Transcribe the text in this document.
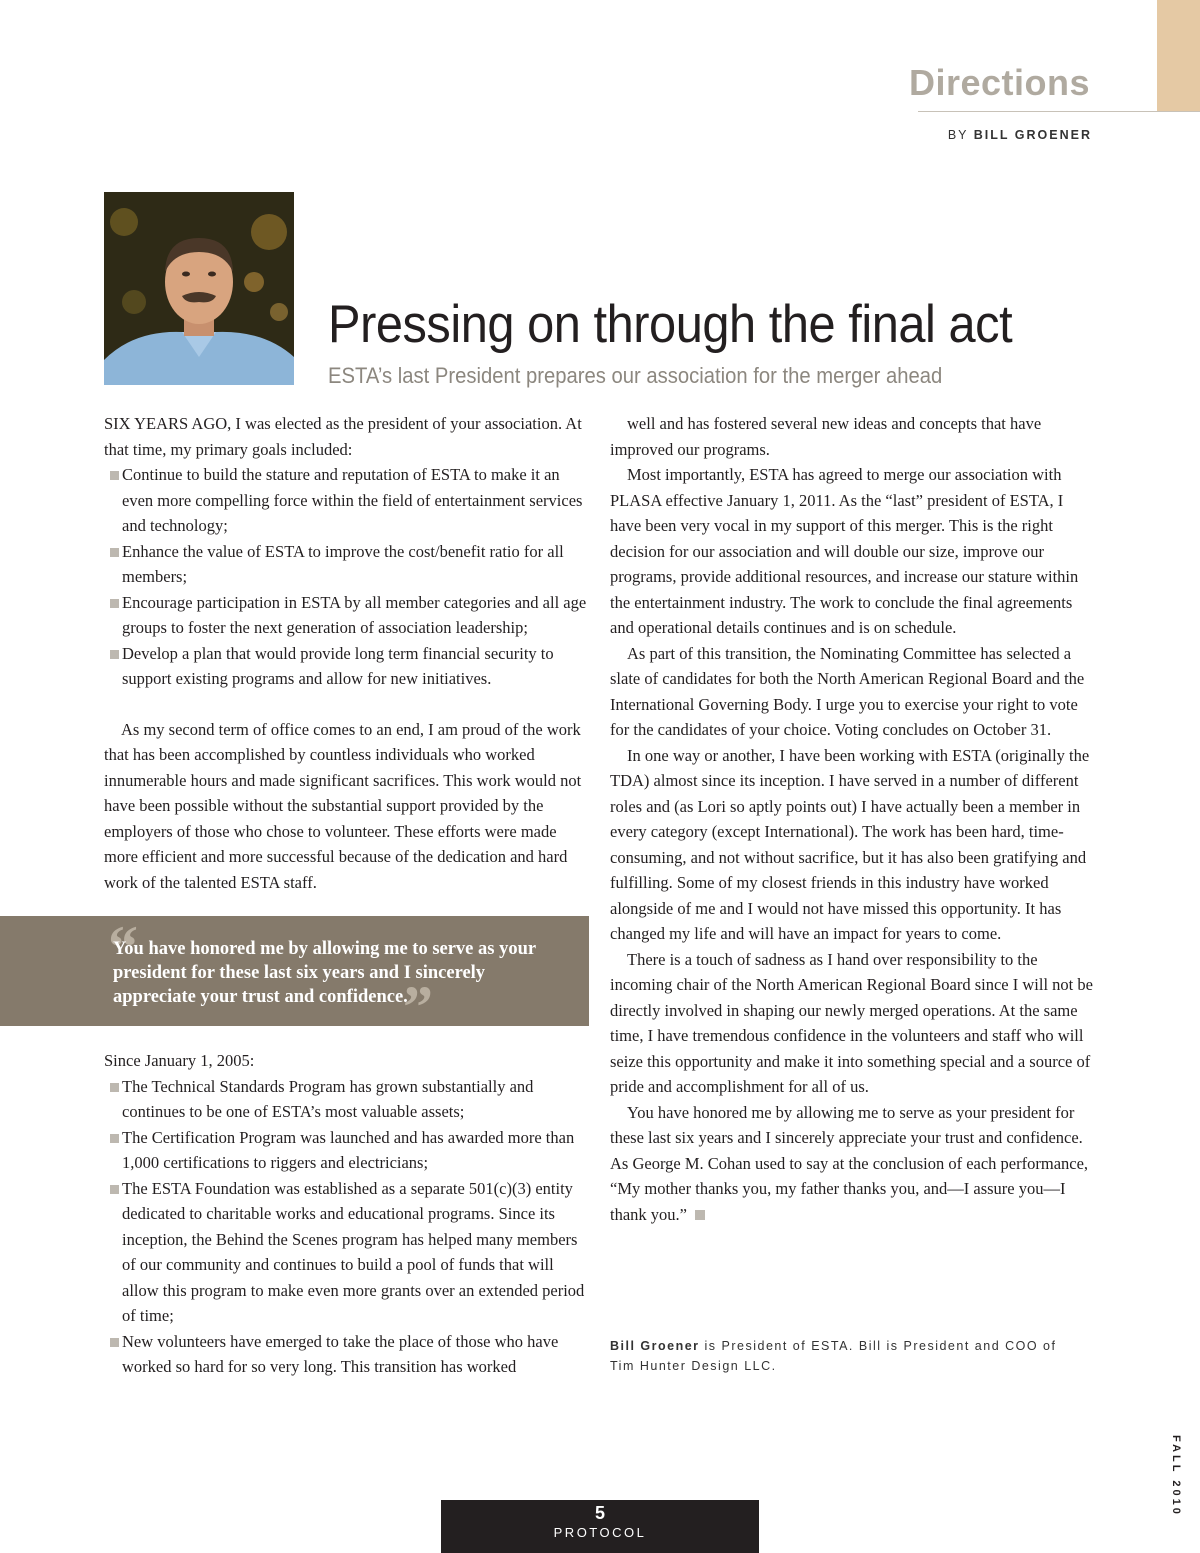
Directions
BY BILL GROENER
Pressing on through the final act
ESTA’s last President prepares our association for the merger ahead

SIX YEARS AGO, I was elected as the president of your association. At that time, my primary goals included:

Continue to build the stature and reputation of ESTA to make it an even more compelling force within the field of entertainment services and technology;
Enhance the value of ESTA to improve the cost/benefit ratio for all members;
Encourage participation in ESTA by all member categories and all age groups to foster the next generation of association leadership;
Develop a plan that would provide long term financial security to support existing programs and allow for new initiatives.

As my second term of office comes to an end, I am proud of the work that has been accomplished by countless individuals who worked innumerable hours and made significant sacrifices. This work would not have been possible without the substantial support provided by the employers of those who chose to volunteer. These efforts were made more efficient and more successful because of the dedication and hard work of the talented ESTA staff.

“

You have honored me by allowing me to serve as your president for these last six years and I sincerely appreciate your trust and confidence.

”

Since January 1, 2005:

The Technical Standards Program has grown substantially and continues to be one of ESTA’s most valuable assets;
The Certification Program was launched and has awarded more than 1,000 certifications to riggers and electricians;
The ESTA Foundation was established as a separate 501(c)(3) entity dedicated to charitable works and educational programs. Since its inception, the Behind the Scenes program has helped many members of our community and continues to build a pool of funds that will allow this program to make even more grants over an extended period of time;
New volunteers have emerged to take the place of those who have worked so hard for so very long. This transition has worked

well and has fostered several new ideas and concepts that have improved our programs.

Most importantly, ESTA has agreed to merge our association with PLASA effective January 1, 2011. As the “last” president of ESTA, I have been very vocal in my support of this merger. This is the right decision for our association and will double our size, improve our programs, provide additional resources, and increase our stature within the entertainment industry. The work to conclude the final agreements and operational details continues and is on schedule.

As part of this transition, the Nominating Committee has selected a slate of candidates for both the North American Regional Board and the International Governing Body. I urge you to exercise your right to vote for the candidates of your choice. Voting concludes on October 31.

In one way or another, I have been working with ESTA (originally the TDA) almost since its inception. I have served in a number of different roles and (as Lori so aptly points out) I have actually been a member in every category (except International). The work has been hard, time-consuming, and not without sacrifice, but it has also been gratifying and fulfilling. Some of my closest friends in this industry have worked alongside of me and I would not have missed this opportunity. It has changed my life and will have an impact for years to come.

There is a touch of sadness as I hand over responsibility to the incoming chair of the North American Regional Board since I will not be directly involved in shaping our newly merged operations. At the same time, I have tremendous confidence in the volunteers and staff who will seize this opportunity and make it into something special and a source of pride and accomplishment for all of us.

You have honored me by allowing me to serve as your president for these last six years and I sincerely appreciate your trust and confidence. As George M. Cohan used to say at the conclusion of each performance, “My mother thanks you, my father thanks you, and—I assure you—I thank you.”

Bill Groener is President of ESTA. Bill is President and COO of Tim Hunter Design LLC.
FALL 2010
5
PROTOCOL
